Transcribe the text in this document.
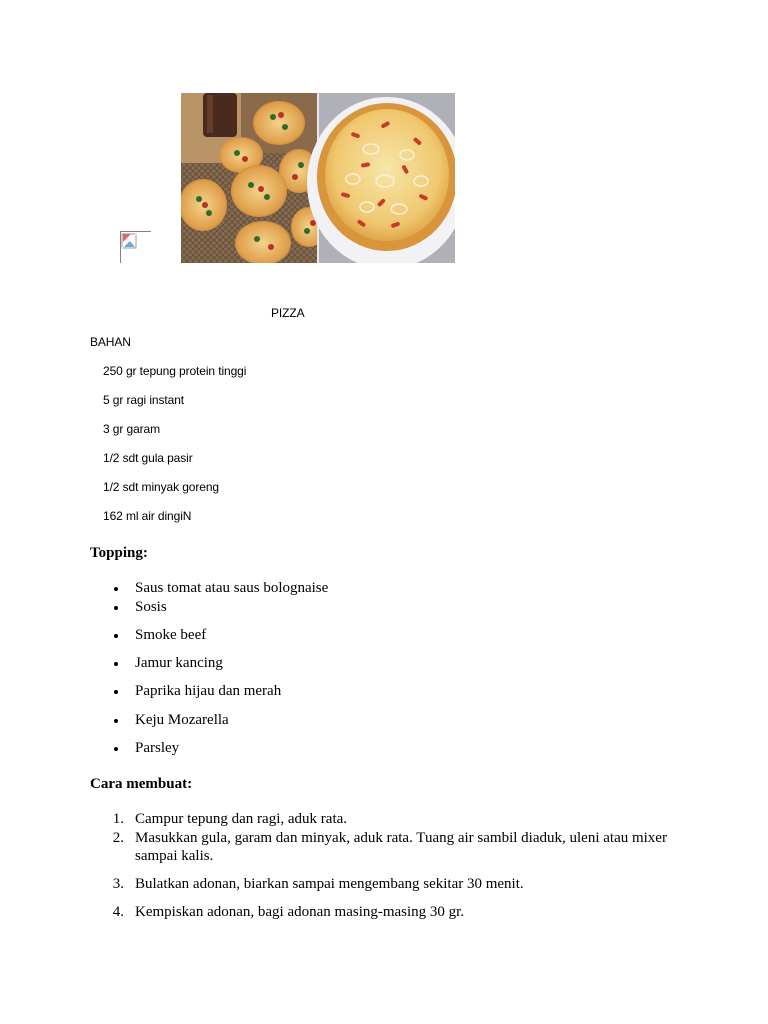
PIZZA
BAHAN
250 gr tepung protein tinggi
5 gr ragi instant
3 gr garam
1/2 sdt gula pasir
1/2 sdt minyak goreng
162 ml air dingiN
Topping:
Saus tomat atau saus bolognaise
Sosis
Smoke beef
Jamur kancing
Paprika hijau dan merah
Keju Mozarella
Parsley
Cara membuat:
1. Campur tepung dan ragi, aduk rata.
2. Masukkan gula, garam dan minyak, aduk rata. Tuang air sambil diaduk, uleni atau mixer
sampai kalis.
3. Bulatkan adonan, biarkan sampai mengembang sekitar 30 menit.
4. Kempiskan adonan, bagi adonan masing-masing 30 gr.
